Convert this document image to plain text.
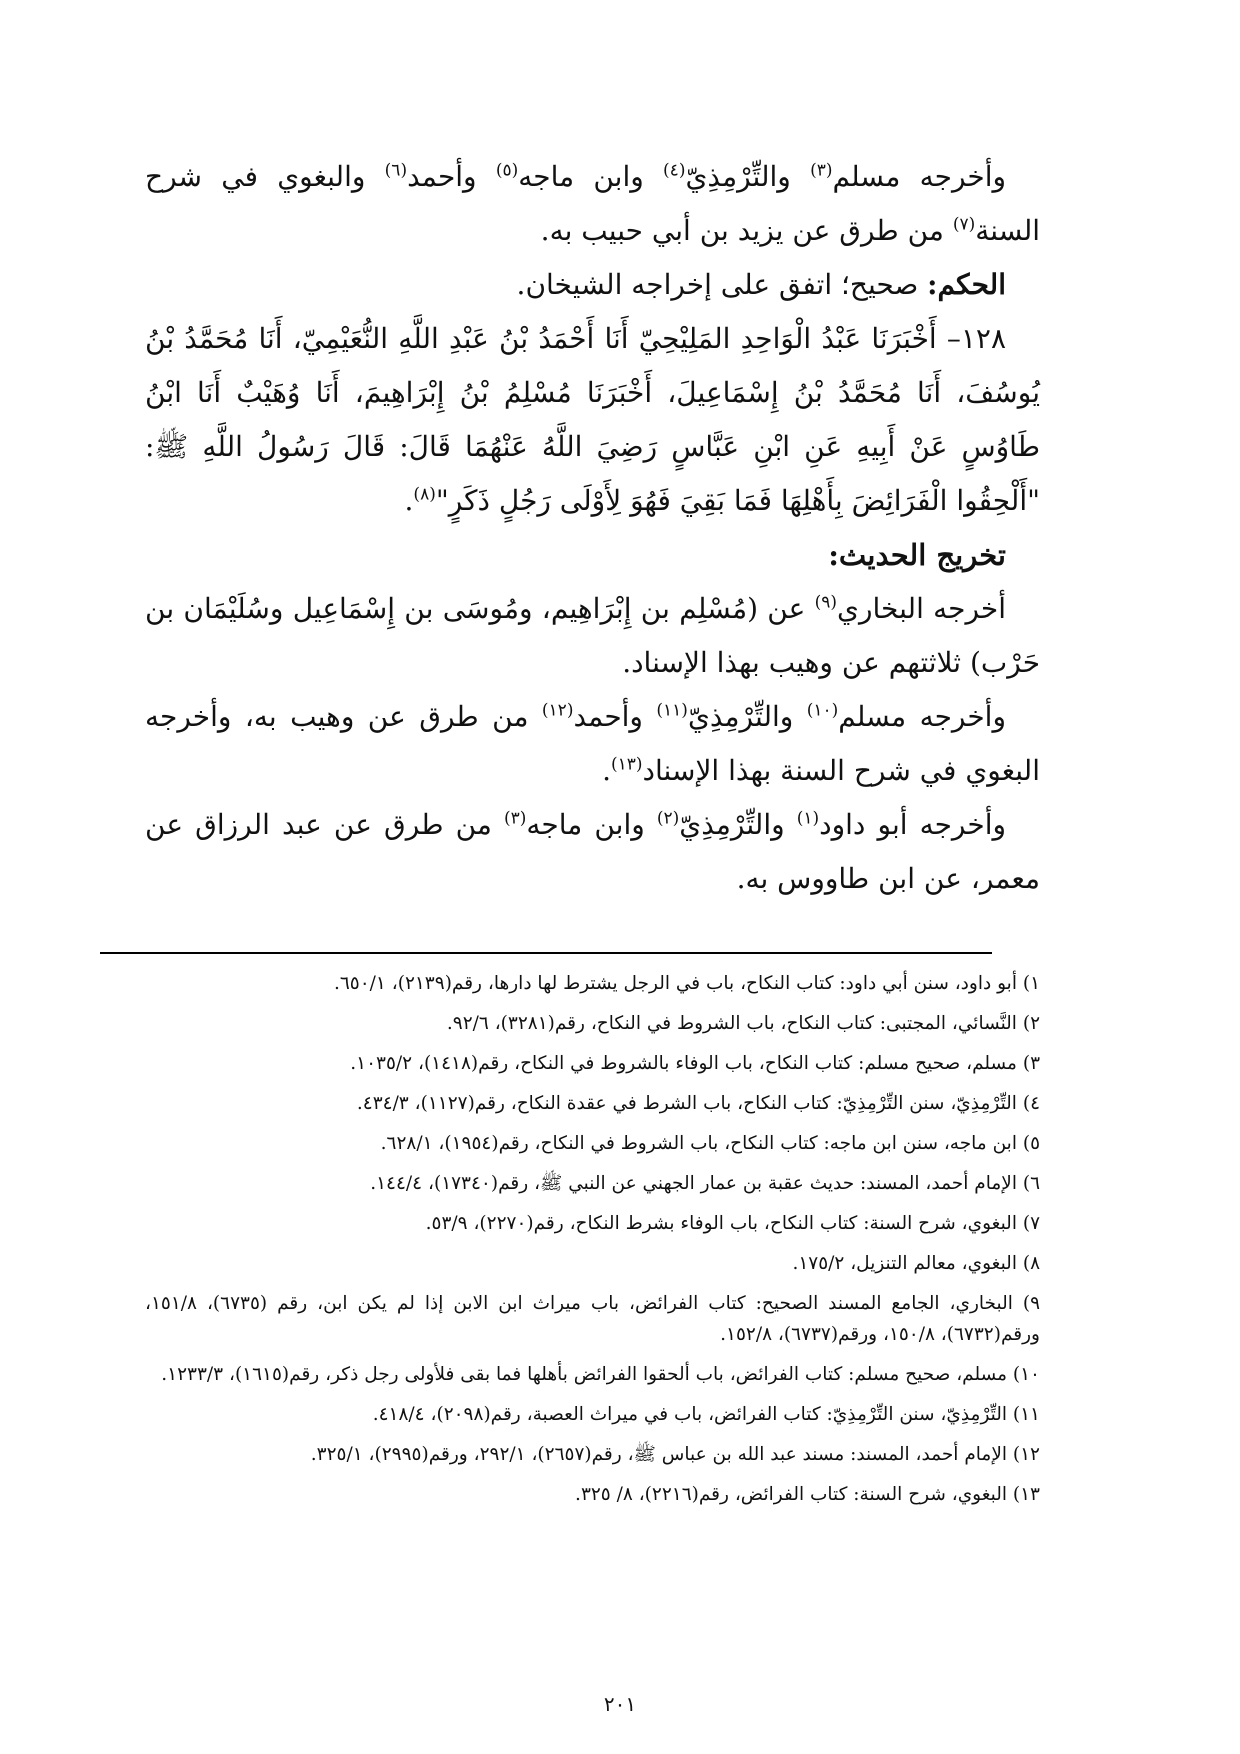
وأخرجه مسلم$^{(٣)}$ والتِّرْمِذِيّ$^{(٤)}$ وابن ماجه$^{(٥)}$ وأحمد$^{(٦)}$ والبغوي في شرح السنة$^{(٧)}$ من طرق عن يزيد بن أبي حبيب به.

الحكم: صحيح؛ اتفق على إخراجه الشيخان.

١٢٨– أَخْبَرَنَا عَبْدُ الْوَاحِدِ المَلِيْحِيّ أَنَا أَحْمَدُ بْنُ عَبْدِ اللَّهِ النُّعَيْمِيّ، أَنَا مُحَمَّدُ بْنُ يُوسُفَ، أَنَا مُحَمَّدُ بْنُ إِسْمَاعِيلَ، أَخْبَرَنَا مُسْلِمُ بْنُ إِبْرَاهِيمَ، أَنَا وُهَيْبٌ أَنَا ابْنُ طَاوُسٍ عَنْ أَبِيهِ عَنِ ابْنِ عَبَّاسٍ رَضِيَ اللَّهُ عَنْهُمَا قَالَ: قَالَ رَسُولُ اللَّهِ ﷺ: "أَلْحِقُوا الْفَرَائِضَ بِأَهْلِهَا فَمَا بَقِيَ فَهُوَ لِأَوْلَى رَجُلٍ ذَكَرٍ"$^{(٨)}$.

تخريج الحديث:

أخرجه البخاري$^{(٩)}$ عن (مُسْلِم بن إِبْرَاهِيم، ومُوسَى بن إِسْمَاعِيل وسُلَيْمَان بن حَرْب) ثلاثتهم عن وهيب بهذا الإسناد.

وأخرجه مسلم$^{(١٠)}$ والتِّرْمِذِيّ$^{(١١)}$ وأحمد$^{(١٢)}$ من طرق عن وهيب به، وأخرجه البغوي في شرح السنة بهذا الإسناد$^{(١٣)}$.

وأخرجه أبو داود$^{(١)}$ والتِّرْمِذِيّ$^{(٢)}$ وابن ماجه$^{(٣)}$ من طرق عن عبد الرزاق عن معمر، عن ابن طاووس به.

١) أبو داود، سنن أبي داود: كتاب النكاح، باب في الرجل يشترط لها دارها، رقم(٢١٣٩)، ٦٥٠/١.

٢) النَّسائي، المجتبى: كتاب النكاح، باب الشروط في النكاح، رقم(٣٢٨١)، ٩٢/٦.

٣) مسلم، صحيح مسلم: كتاب النكاح، باب الوفاء بالشروط في النكاح، رقم(١٤١٨)، ١٠٣٥/٢.

٤) التِّرْمِذِيّ، سنن التِّرْمِذِيّ: كتاب النكاح، باب الشرط في عقدة النكاح، رقم(١١٢٧)، ٤٣٤/٣.

٥) ابن ماجه، سنن ابن ماجه: كتاب النكاح، باب الشروط في النكاح، رقم(١٩٥٤)، ٦٢٨/١.

٦) الإمام أحمد، المسند: حديث عقبة بن عمار الجهني عن النبي ﷺ، رقم(١٧٣٤٠)، ١٤٤/٤.

٧) البغوي، شرح السنة: كتاب النكاح، باب الوفاء بشرط النكاح، رقم(٢٢٧٠)، ٥٣/٩.

٨) البغوي، معالم التنزيل، ١٧٥/٢.

٩) البخاري، الجامع المسند الصحيح: كتاب الفرائض، باب ميراث ابن الابن إذا لم يكن ابن، رقم (٦٧٣٥)، ١٥١/٨، ورقم(٦٧٣٢)، ١٥٠/٨، ورقم(٦٧٣٧)، ١٥٢/٨.

١٠) مسلم، صحيح مسلم: كتاب الفرائض، باب ألحقوا الفرائض بأهلها فما بقى فلأولى رجل ذكر، رقم(١٦١٥)، ١٢٣٣/٣.

١١) التِّرْمِذِيّ، سنن التِّرْمِذِيّ: كتاب الفرائض، باب في ميراث العصبة، رقم(٢٠٩٨)، ٤١٨/٤.

١٢) الإمام أحمد، المسند: مسند عبد الله بن عباس ﷺ، رقم(٢٦٥٧)، ٢٩٢/١، ورقم(٢٩٩٥)، ٣٢٥/١.

١٣) البغوي، شرح السنة: كتاب الفرائض، رقم(٢٢١٦)، ٨/ ٣٢٥.

٢٠١
